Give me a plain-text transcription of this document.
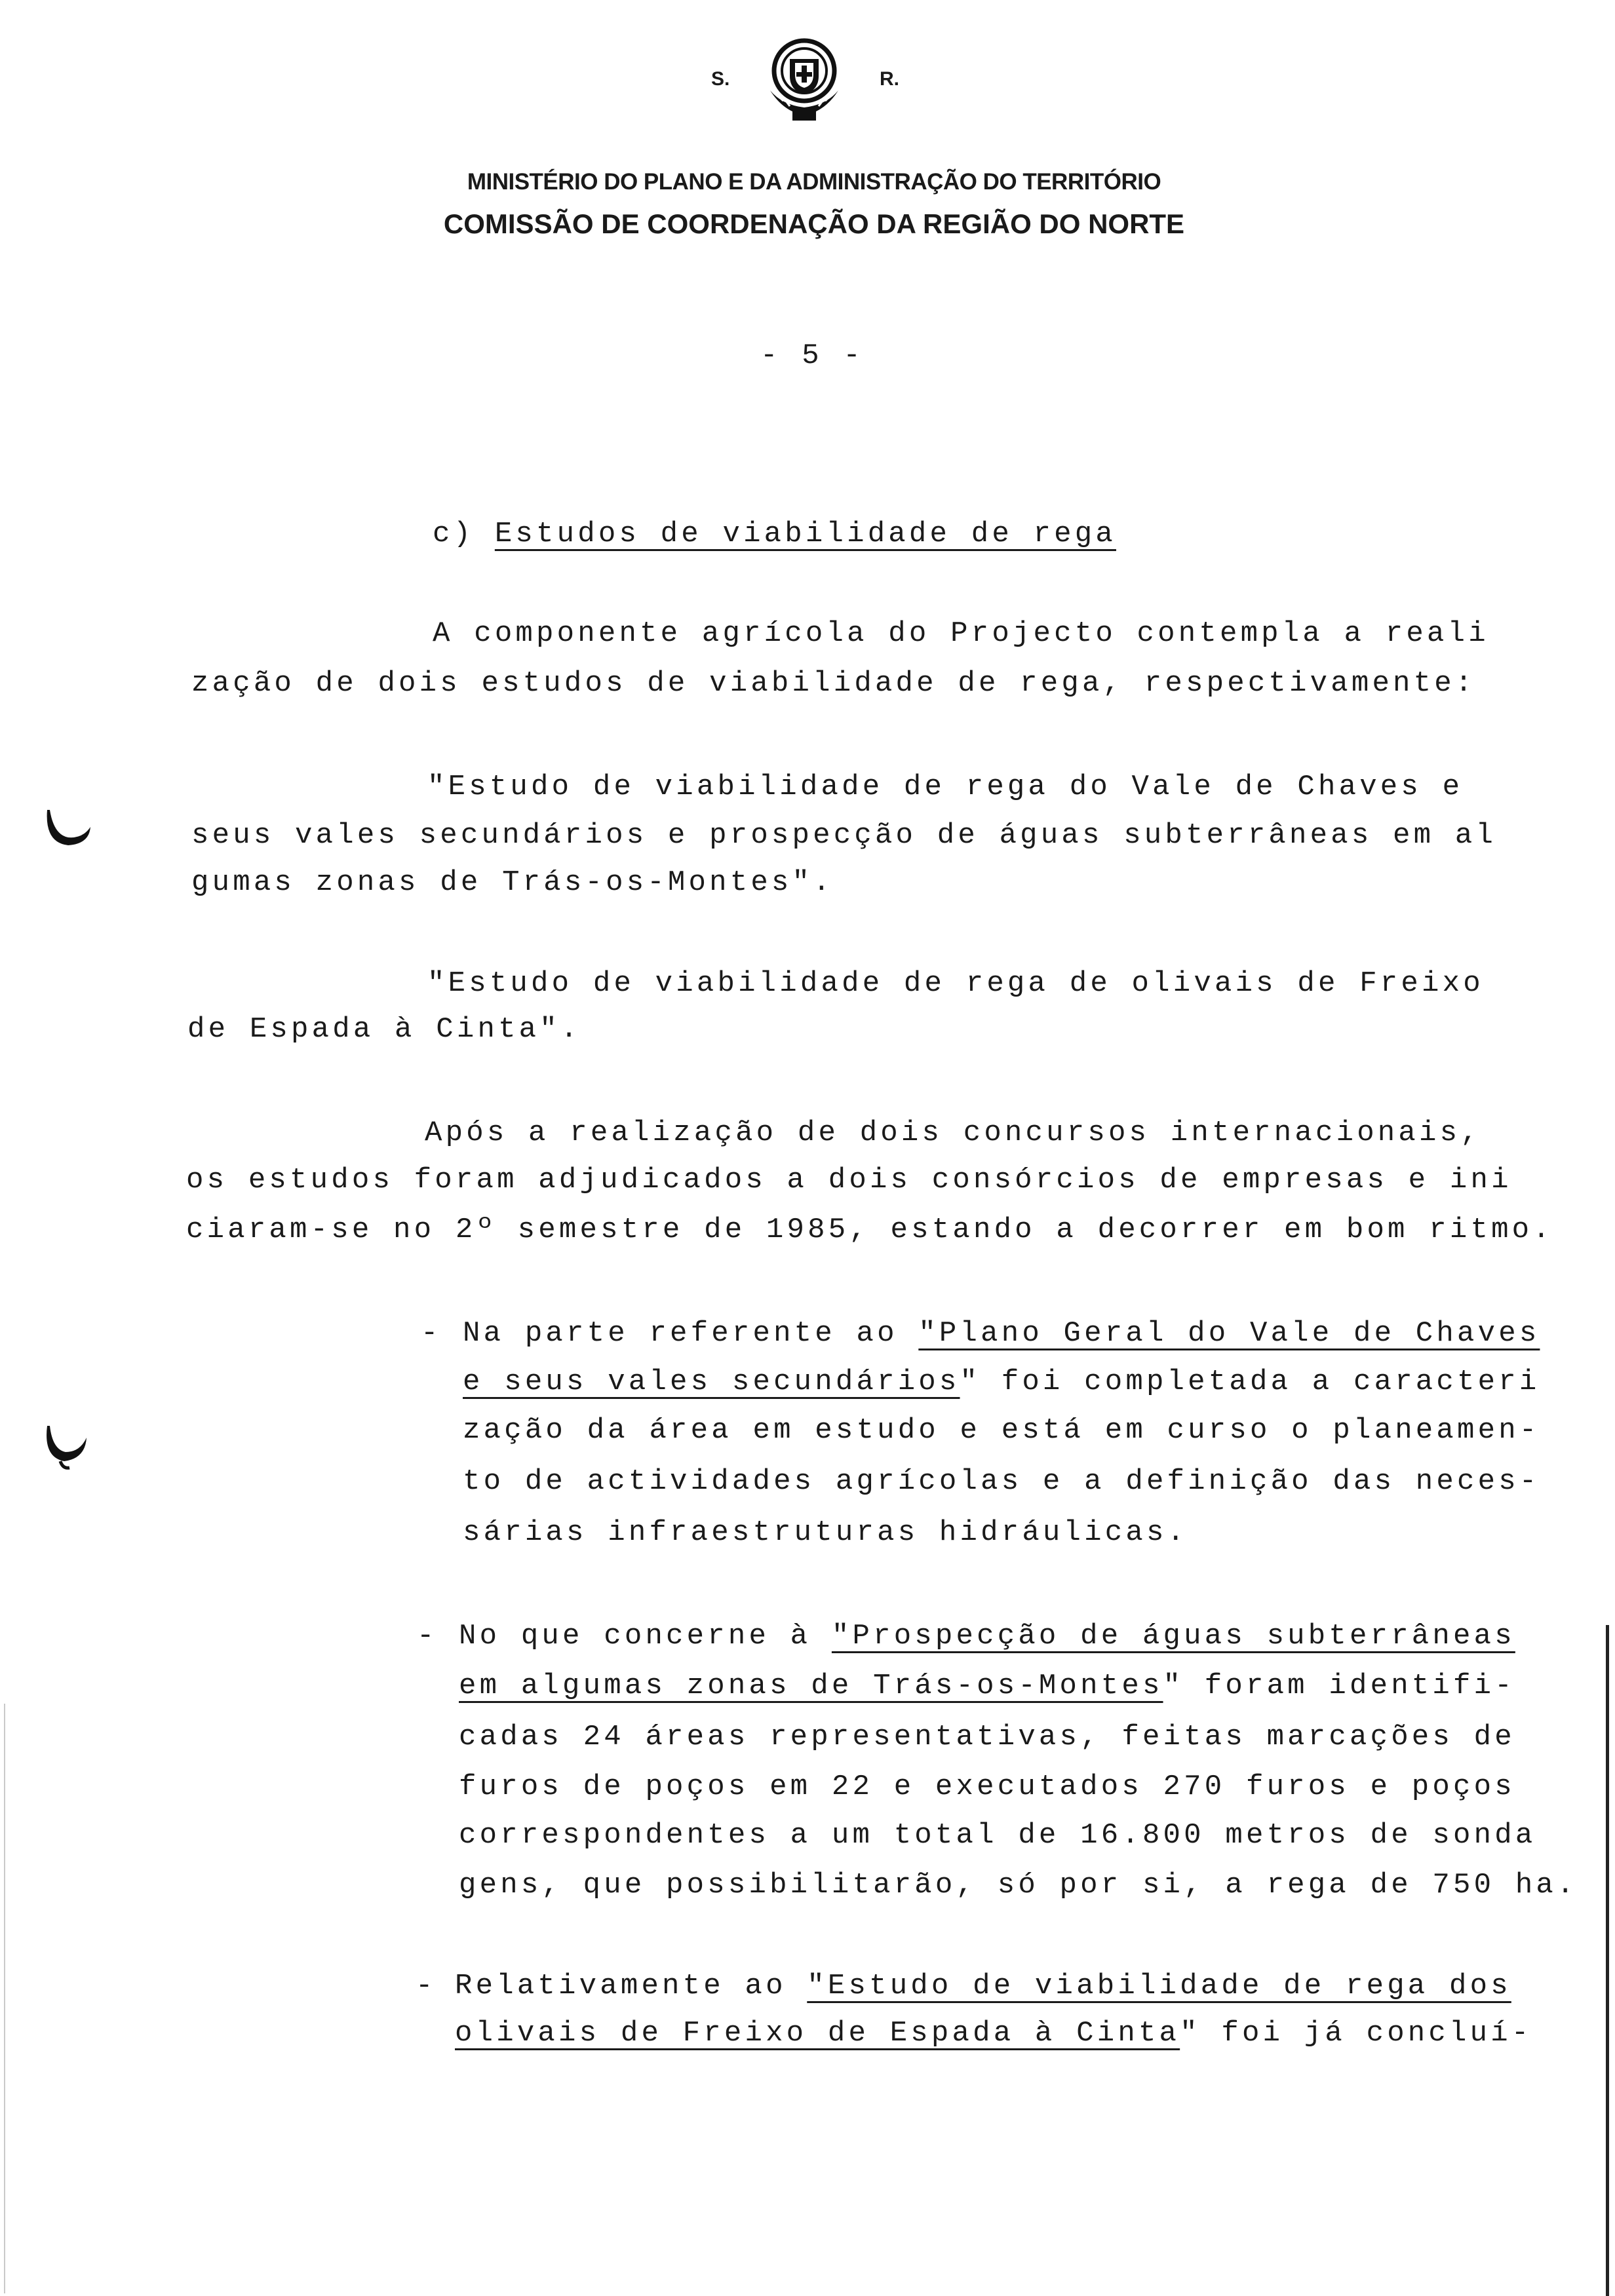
S.	R.
MINISTÉRIO DO PLANO E DA ADMINISTRAÇÃO DO TERRITÓRIO
COMISSÃO DE COORDENAÇÃO DA REGIÃO DO NORTE
- 5 -
c) Estudos de viabilidade de rega
A componente agrícola do Projecto contempla a reali
zação de dois estudos de viabilidade de rega, respectivamente:
"Estudo de viabilidade de rega do Vale de Chaves e
seus vales secundários e prospecção de águas subterrâneas em al
gumas zonas de Trás-os-Montes".
"Estudo de viabilidade de rega de olivais de Freixo
de Espada à Cinta".
Após a realização de dois concursos internacionais,
os estudos foram adjudicados a dois consórcios de empresas e ini
ciaram-se no 2º semestre de 1985, estando a decorrer em bom ritmo.
- Na parte referente ao "Plano Geral do Vale de Chaves
e seus vales secundários" foi completada a caracteri
zação da área em estudo e está em curso o planeamen-
to de actividades agrícolas e a definição das neces-
sárias infraestruturas hidráulicas.
- No que concerne à "Prospecção de águas subterrâneas
em algumas zonas de Trás-os-Montes" foram identifi-
cadas 24 áreas representativas, feitas marcações de
furos de poços em 22 e executados 270 furos e poços
correspondentes a um total de 16.800 metros de sonda
gens, que possibilitarão, só por si, a rega de 750 ha.
- Relativamente ao "Estudo de viabilidade de rega dos
olivais de Freixo de Espada à Cinta" foi já concluí-
